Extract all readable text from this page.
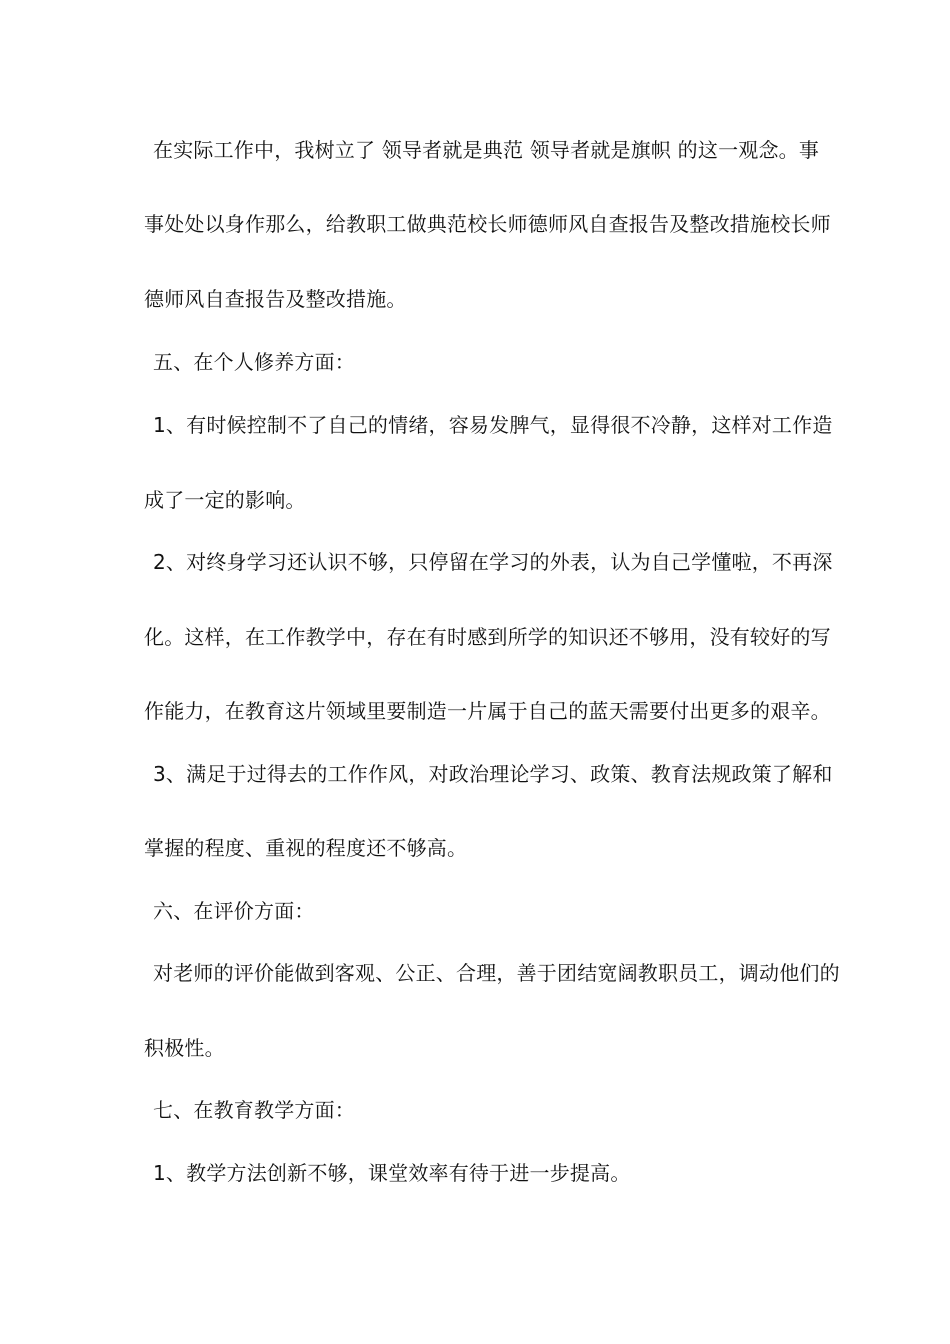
在实际工作中，我树立了 领导者就是典范 领导者就是旗帜 的这一观念。事
事处处以身作那么，给教职工做典范校长师德师风自查报告及整改措施校长师
德师风自查报告及整改措施。
五、在个人修养方面：
1、有时候控制不了自己的情绪，容易发脾气，显得很不冷静，这样对工作造
成了一定的影响。
2、对终身学习还认识不够，只停留在学习的外表，认为自己学懂啦，不再深
化。这样，在工作教学中，存在有时感到所学的知识还不够用，没有较好的写
作能力，在教育这片领域里要制造一片属于自己的蓝天需要付出更多的艰辛。
3、满足于过得去的工作作风，对政治理论学习、政策、教育法规政策了解和
掌握的程度、重视的程度还不够高。
六、在评价方面：
对老师的评价能做到客观、公正、合理，善于团结宽阔教职员工，调动他们的
积极性。
七、在教育教学方面：
1、教学方法创新不够，课堂效率有待于进一步提高。
